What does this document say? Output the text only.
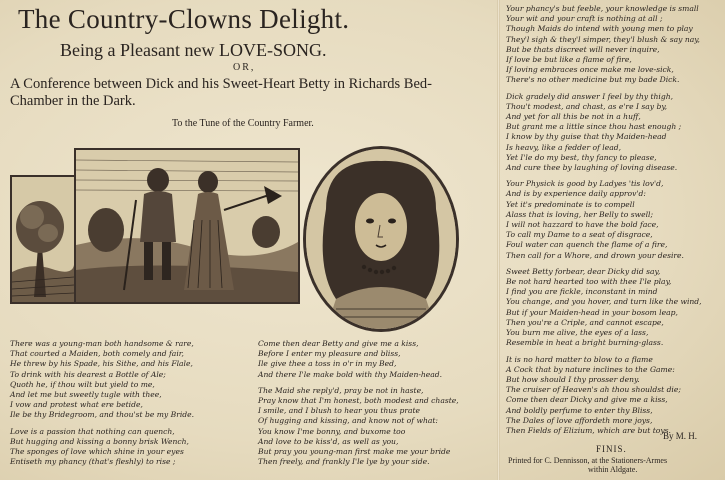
The Country-Clowns Delight.
Being a Pleasant new LOVE-SONG.
OR,
A Conference between Dick and his Sweet-Heart Betty in Richards Bed-Chamber in the Dark.
To the Tune of the Country Farmer.

There was a young-man both handsome & rare,

That courted a Maiden, both comely and fair,

He threw by his Spade, his Sithe, and his Flale,

To drink with his dearest a Bottle of Ale;

Quoth he, if thou wilt but yield to me,

And let me but sweetly tugle with thee,

I vow and protest what ere betide,

Ile be thy Bridegroom, and thou'st be my Bride.

Love is a passion that nothing can quench,

But hugging and kissing a bonny brisk Wench,

The sponges of love which shine in your eyes

Entiseth my phancy (that's fleshly) to rise ;

Come then dear Betty and give me a kiss,

Before I enter my pleasure and bliss,

Ile give thee a toss in o'r in my Bed,

And there I'le make bold with thy Maiden-head.

The Maid she reply'd, pray be not in haste,

Pray know that I'm honest, both modest and chaste,

I smile, and I blush to hear you thus prate

Of hugging and kissing, and know not of what:

You know I'me bonny, and buxome too

And love to be kiss'd, as well as you,

But pray you young-man first make me your bride

Then freely, and frankly I'le lye by your side.

Your phancy's but feeble, your knowledge is small

Your wit and your craft is nothing at all ;

Though Maids do intend with young men to play

They'l sigh & they'l simper, they'l blush & say nay,

But be thats discreet will never inquire,

If love be but like a flame of fire,

If loving embraces once make me love-sick,

There's no other medicine but my bade Dick.

Dick gradely did answer I feel by thy thigh,

Thou't modest, and chast, as e're I say by,

And yet for all this be not in a huff,

But grant me a little since thou hast enough ;

I know by thy guise that thy Maiden-head

Is heavy, like a fedder of lead,

Yet I'le do my best, thy fancy to please,

And cure thee by laughing of loving disease.

Your Physick is good by Ladyes 'tis lov'd,

And is by experience daily approv'd:

Yet it's predominate is to compell

Alass that is loving, her Belly to swell;

I will not hazzard to have the bold face,

To call my Dame to a seat of disgrace,

Foul water can quench the flame of a fire,

Then call for a Whore, and drown your desire.

Sweet Betty forbear, dear Dicky did say,

Be not hard hearted too with thee I'le play,

I find you are fickle, inconstant in mind

You change, and you hover, and turn like the wind,

But if your Maiden-head in your bosom leap,

Then you're a Criple, and cannot escape,

You burn me alive, the eyes of a lass,

Resemble in heat a bright burning-glass.

It is no hard matter to blow to a flame

A Cock that by nature inclines to the Game:

But how should I thy prosser deny.

The cruiser of Heaven's ah thou shouldst die;

Come then dear Dicky and give me a kiss,

And boldly perfume to enter thy Bliss,

The Dales of love affordeth more joys,

Then Fields of Elizium, which are but toys.

By M. H.
FINIS.
Printed for C. Dennisson, at the Stationers-Armes
within Aldgate.
